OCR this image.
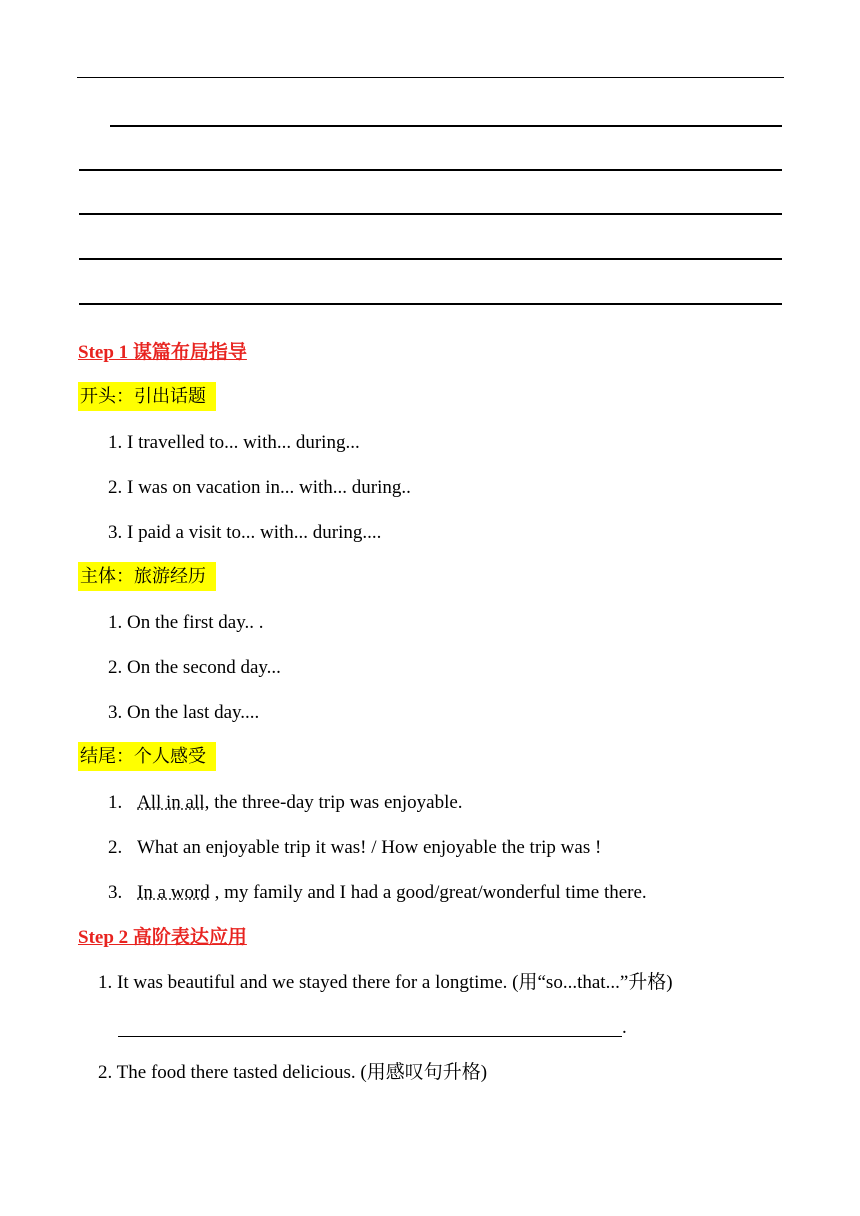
Step 1 谋篇布局指导
开头：引出话题
1. I travelled to... with... during...
2. I was on vacation in... with... during..
3. I paid a visit to... with... during....
主体：旅游经历
1. On the first day.. .
2. On the second day...
3. On the last day....
结尾：个人感受
1. All in all, the three-day trip was enjoyable.
2. What an enjoyable trip it was! / How enjoyable the trip was !
3. In a word , my family and I had a good/great/wonderful time there.
Step 2 高阶表达应用
1. It was beautiful and we stayed there for a longtime. (用“so...that...”升格)
.
2. The food there tasted delicious. (用感叹句升格)
